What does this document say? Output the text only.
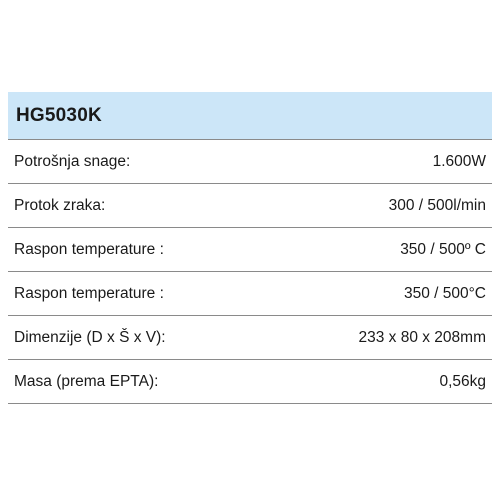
HG5030K
Potrošnja snage:	1.600W
Protok zraka:	300 / 500l/min
Raspon temperature :	350 / 500º C
Raspon temperature :	350 / 500°C
Dimenzije (D x Š x V):	233 x 80 x 208mm
Masa (prema EPTA):	0,56kg
